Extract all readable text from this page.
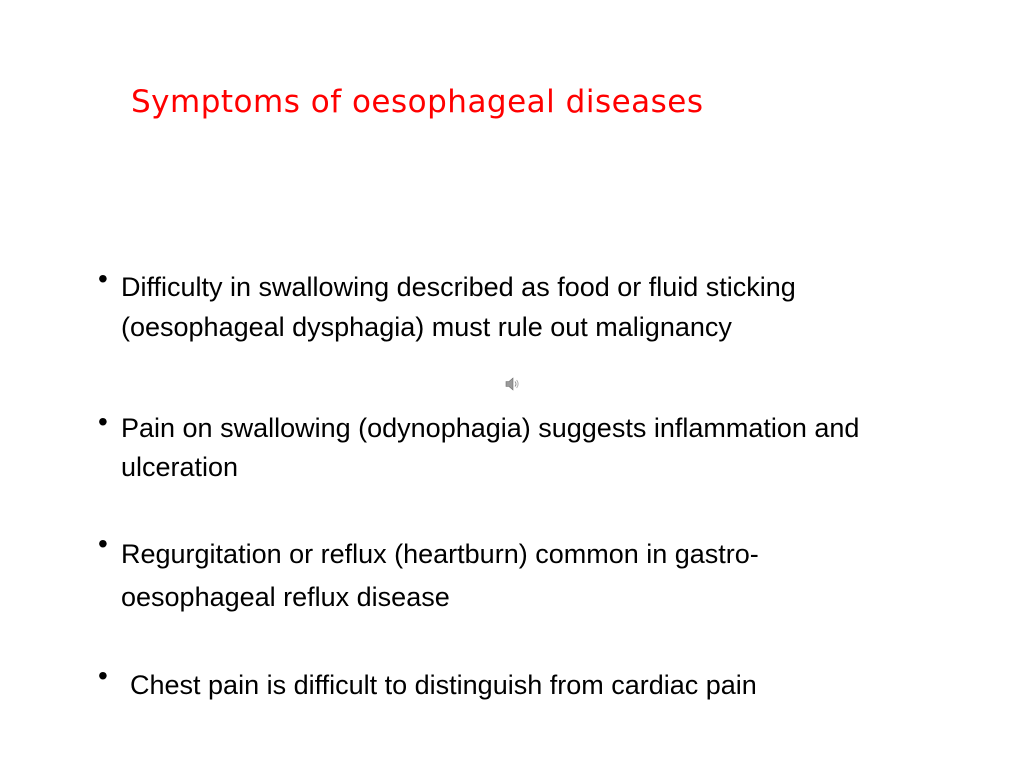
Symptoms of oesophageal diseases
• Difficulty in swallowing described as food or fluid sticking (oesophageal dysphagia) must rule out malignancy
• Pain on swallowing (odynophagia) suggests inflammation and ulceration
• Regurgitation or reflux (heartburn) common in gastro-oesophageal reflux disease
• Chest pain is difficult to distinguish from cardiac pain
